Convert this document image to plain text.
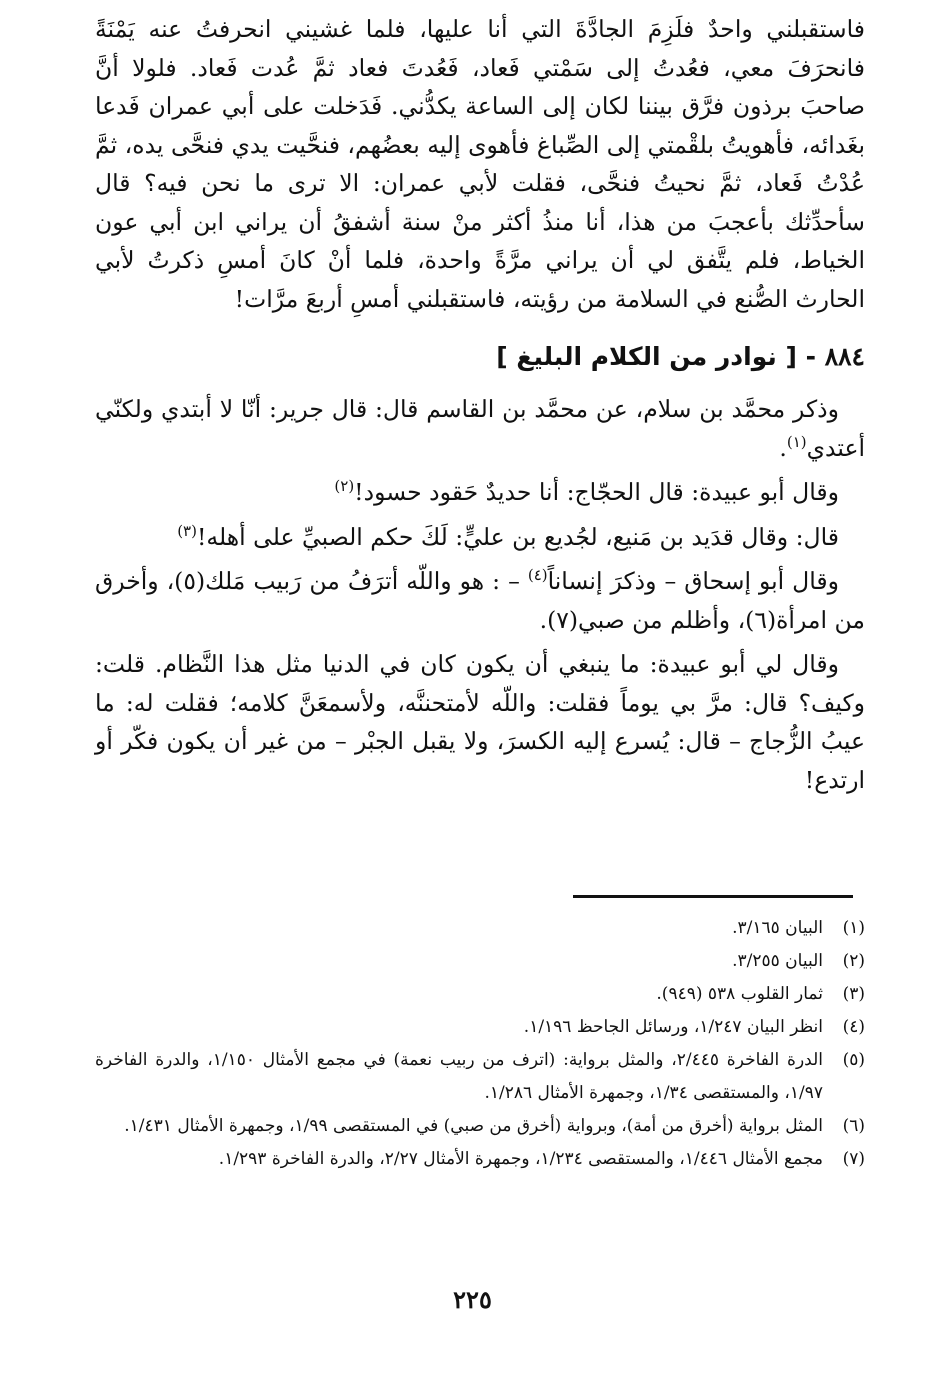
فاستقبلني واحدٌ فلَزِمَ الجادَّةَ التي أنا عليها، فلما غشيني انحرفتُ عنه يَمْنَةً فانحرَفَ معي، فعُدتُ إلى سَمْتي فَعاد، فَعُدتَ فعاد ثمَّ عُدت فَعاد. فلولا أنَّ صاحبَ برذون فرَّق بيننا لكان إلى الساعة يكدُّني. فَدَخلت على أبي عمران فَدعا بغَدائه، فأهويتُ بلقْمتي إلى الصِّباغ فأهوى إليه بعضُهم، فنحَّيت يدي فنحَّى يده، ثمَّ عُدْتُ فَعاد، ثمَّ نحيتُ فنحَّى، فقلت لأبي عمران: الا ترى ما نحن فيه؟ قال سأحدِّثك بأعجبَ من هذا، أنا منذُ أكثر منْ سنة أشفقُ أن يراني ابن أبي عون الخياط، فلم يتَّفق لي أن يراني مرَّةً واحدة، فلما أنْ كانَ أمسِ ذكرتُ لأبي الحارث الصُّنع في السلامة من رؤيته، فاستقبلني أمسِ أربعَ مرَّات!

٨٨٤ - [ نوادر من الكلام البليغ ]

وذكر محمَّد بن سلام، عن محمَّد بن القاسم قال: قال جرير: أنّا لا أبتدي ولكنّي أعتدي$^{(١)}$.

وقال أبو عبيدة: قال الحجّاج: أنا حديدٌ حَقود حسود!$^{(٢)}$

قال: وقال قدَيد بن مَنيع، لجُديع بن عليٍّ: لَكَ حكم الصبيِّ على أهله!$^{(٣)}$

وقال أبو إسحاق – وذكرَ إنساناً$^{(٤)}$ – : هو واللّه أترَفُ من رَبيب مَلك(٥)، وأخرق من امرأة(٦)، وأظلم من صبي(٧).

وقال لي أبو عبيدة: ما ينبغي أن يكون كان في الدنيا مثل هذا النَّظام. قلت: وكيف؟ قال: مرَّ بي يوماً فقلت: واللّه لأمتحننَّه، ولأسمعَنَّ كلامه؛ فقلت له: ما عيبُ الزُّجاج – قال: يُسرع إليه الكسرَ، ولا يقبل الجبْر – من غير أن يكون فكّر أو ارتدع!

(١)
البيان ٣/١٦٥.

(٢)
البيان ٣/٢٥٥.

(٣)
ثمار القلوب ٥٣٨ (٩٤٩).

(٤)
انظر البيان ١/٢٤٧، ورسائل الجاحظ ١/١٩٦.

(٥)
الدرة الفاخرة ٢/٤٤٥، والمثل برواية: (اترف من ربيب نعمة) في مجمع الأمثال ١/١٥٠، والدرة الفاخرة ١/٩٧، والمستقصى ١/٣٤، وجمهرة الأمثال ١/٢٨٦.

(٦)
المثل برواية (أخرق من أمة)، وبرواية (أخرق من صبي) في المستقصى ١/٩٩، وجمهرة الأمثال ١/٤٣١.

(٧)
مجمع الأمثال ١/٤٤٦، والمستقصى ١/٢٣٤، وجمهرة الأمثال ٢/٢٧، والدرة الفاخرة ١/٢٩٣.

٢٢٥
